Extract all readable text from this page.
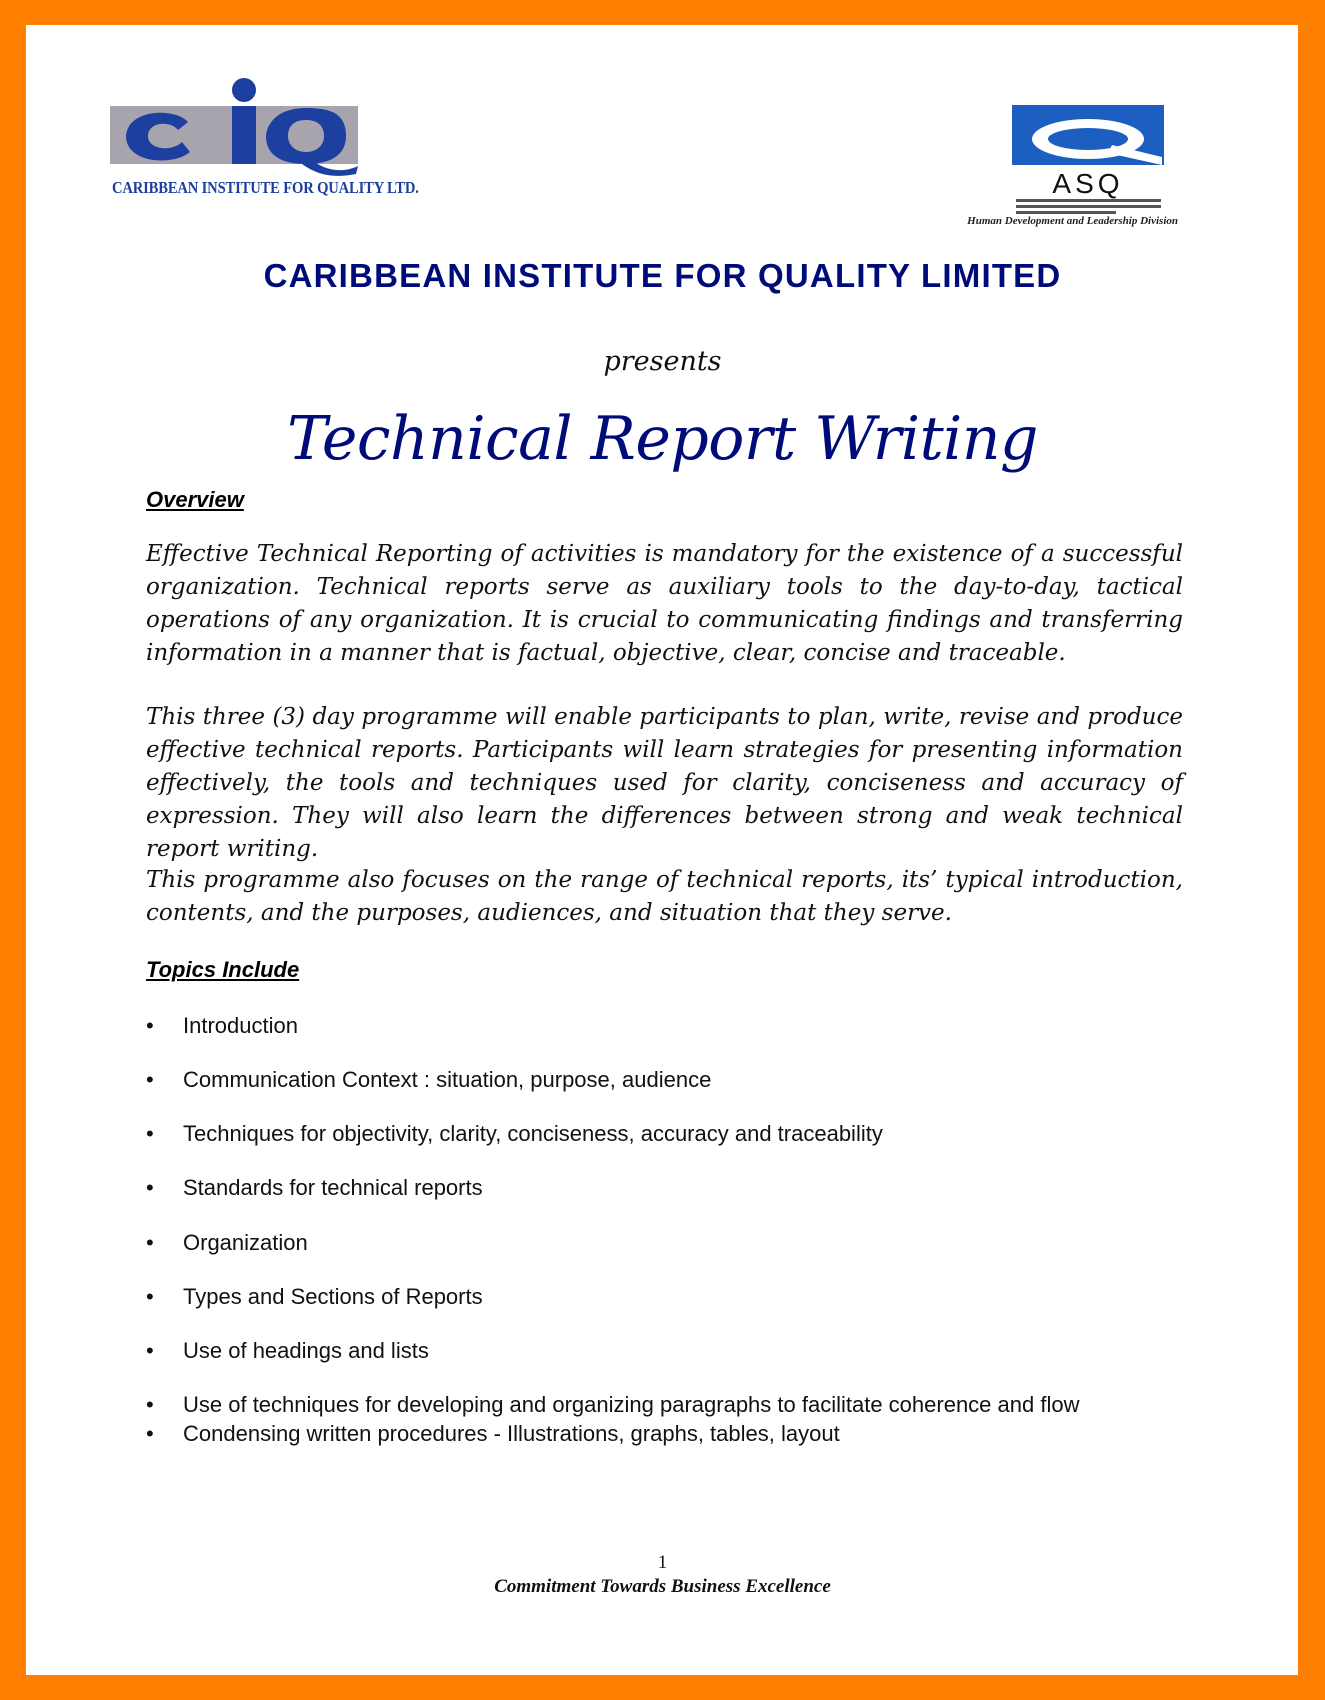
CARIBBEAN INSTITUTE FOR QUALITY LTD.	ASQ
Human Development and Leadership Division
CARIBBEAN INSTITUTE FOR QUALITY LIMITED
presents
Technical Report Writing
Overview

Effective Technical Reporting of activities is mandatory for the existence of a successful organization. Technical reports serve as auxiliary tools to the day-to-day, tactical operations of any organization. It is crucial to communicating findings and transferring information in a manner that is factual, objective, clear, concise and traceable.

This three (3) day programme will enable participants to plan, write, revise and produce effective technical reports. Participants will learn strategies for presenting information effectively, the tools and techniques used for clarity, conciseness and accuracy of expression. They will also learn the differences between strong and weak technical report writing.

This programme also focuses on the range of technical reports, its’ typical introduction, contents, and the purposes, audiences, and situation that they serve.

Topics Include
• Introduction
• Communication Context : situation, purpose, audience
• Techniques for objectivity, clarity, conciseness, accuracy and traceability
• Standards for technical reports
• Organization
• Types and Sections of Reports
• Use of headings and lists
• Use of techniques for developing and organizing paragraphs to facilitate coherence and flow
• Condensing written procedures - Illustrations, graphs, tables, layout
1
Commitment Towards Business Excellence
